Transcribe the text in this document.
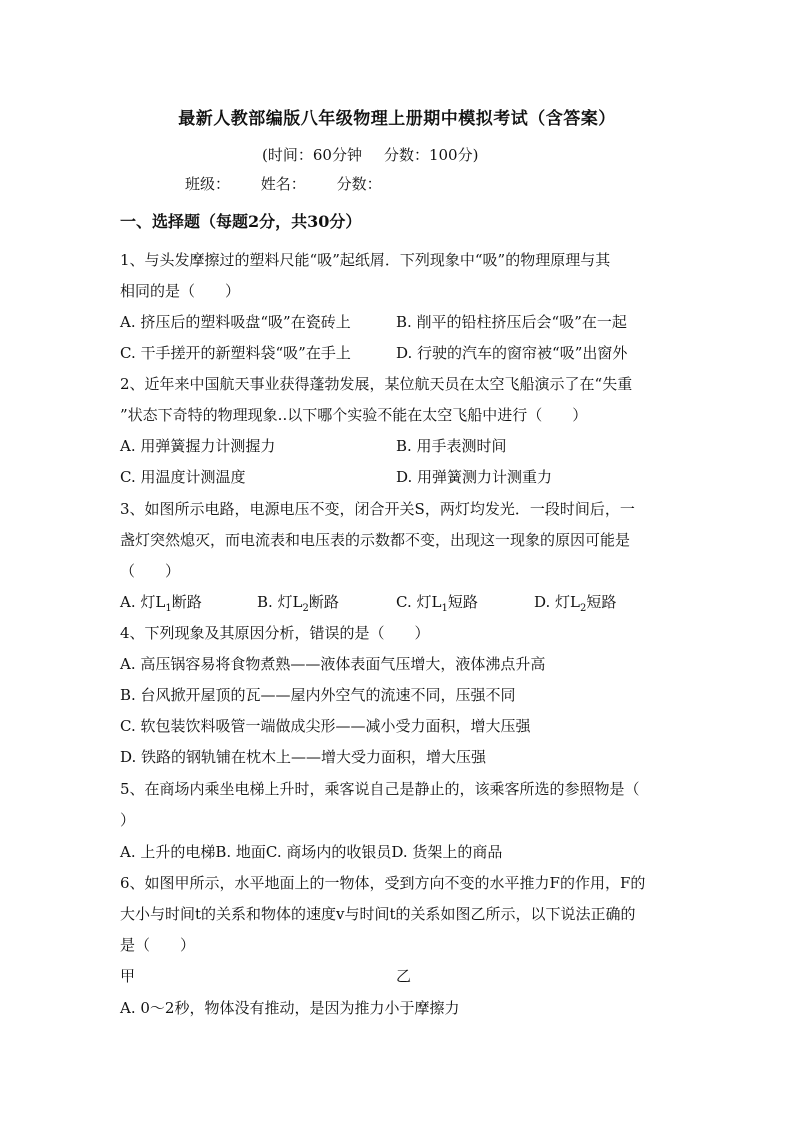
最新人教部编版八年级物理上册期中模拟考试（含答案）
(时间：60分钟 分数：100分)
班级： 姓名： 分数：
一、选择题（每题2分，共30分）
1、与头发摩擦过的塑料尺能“吸”起纸屑．下列现象中“吸”的物理原理与其
相同的是（　　）
A. 挤压后的塑料吸盘“吸”在瓷砖上	B. 削平的铅柱挤压后会“吸”在一起
C. 干手搓开的新塑料袋“吸”在手上	D. 行驶的汽车的窗帘被“吸”出窗外
2、近年来中国航天事业获得蓬勃发展，某位航天员在太空飞船演示了在“失重
”状态下奇特的物理现象..以下哪个实验不能在太空飞船中进行（　　）
A. 用弹簧握力计测握力	B. 用手表测时间
C. 用温度计测温度	D. 用弹簧测力计测重力
3、如图所示电路，电源电压不变，闭合开关S，两灯均发光．一段时间后，一
盏灯突然熄灭，而电流表和电压表的示数都不变，出现这一现象的原因可能是
（　　）
A. 灯$L_1$断路	B. 灯$L_2$断路	C. 灯$L_1$短路	D. 灯$L_2$短路
4、下列现象及其原因分析，错误的是（　　）
A. 高压锅容易将食物煮熟——液体表面气压增大，液体沸点升高
B. 台风掀开屋顶的瓦——屋内外空气的流速不同，压强不同
C. 软包装饮料吸管一端做成尖形——减小受力面积，增大压强
D. 铁路的钢轨铺在枕木上——增大受力面积，增大压强
5、在商场内乘坐电梯上升时，乘客说自己是静止的，该乘客所选的参照物是（
）
A. 上升的电梯B. 地面C. 商场内的收银员D. 货架上的商品
6、如图甲所示，水平地面上的一物体，受到方向不变的水平推力F的作用，F的
大小与时间t的关系和物体的速度v与时间t的关系如图乙所示，以下说法正确的
是（　　）
甲	乙
A. 0～2秒，物体没有推动，是因为推力小于摩擦力
